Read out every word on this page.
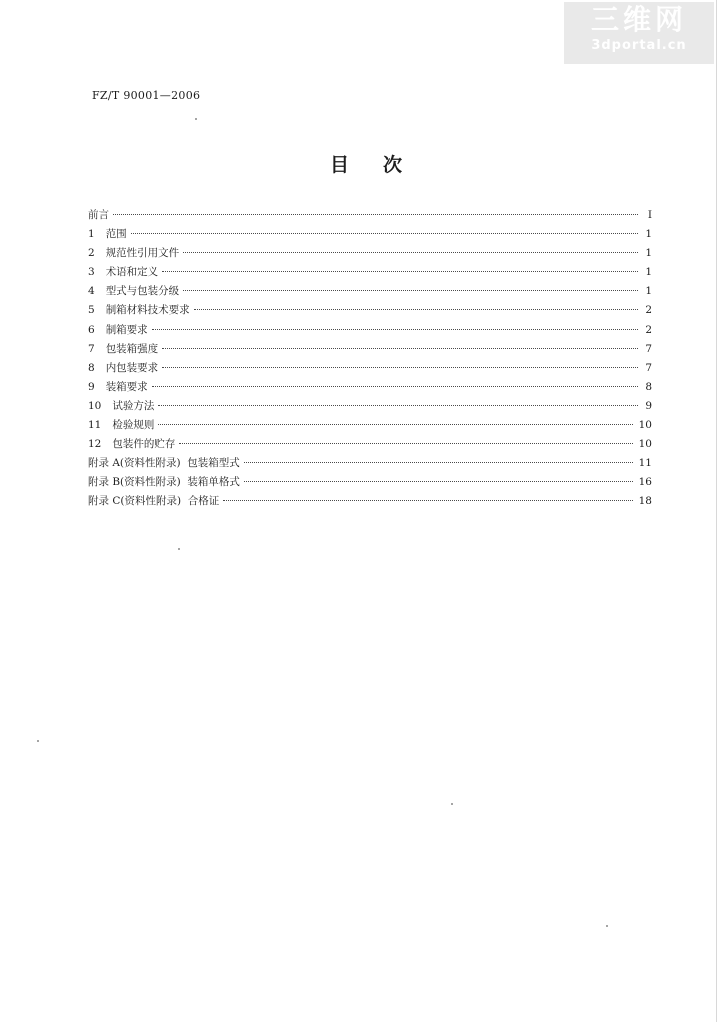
三维网
3dportal.cn
FZ/T 90001—2006
目次
前言	Ⅰ
1 范围	1
2 规范性引用文件	1
3 术语和定义	1
4 型式与包装分级	1
5 制箱材料技术要求	2
6 制箱要求	2
7 包装箱强度	7
8 内包装要求	7
9 装箱要求	8
10 试验方法	9
11 检验规则	10
12 包装件的贮存	10
附录 A(资料性附录)  包装箱型式	11
附录 B(资料性附录)  装箱单格式	16
附录 C(资料性附录)  合格证	18
